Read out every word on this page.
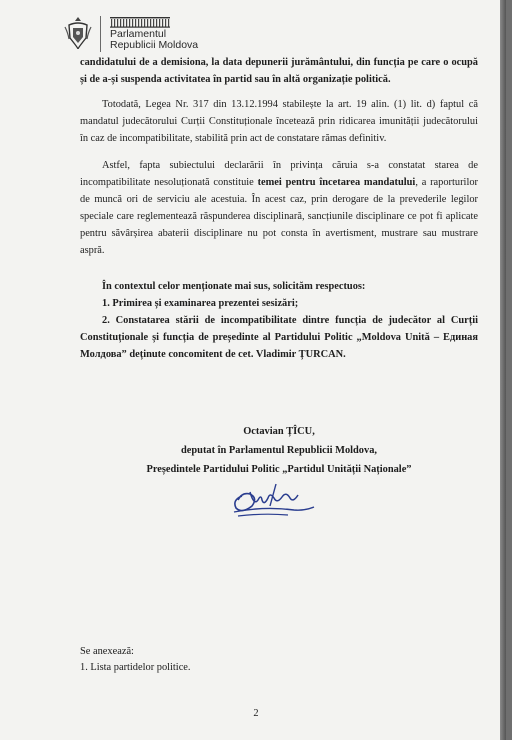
Parlamentul
Republicii Moldova
candidatului de a demisiona, la data depunerii jurământului, din funcția pe care o ocupă
și de a-și suspenda activitatea în partid sau în altă organizație politică.
Totodată, Legea Nr. 317 din 13.12.1994 stabilește la art. 19 alin. (1) lit. d) faptul că
mandatul judecătorului Curții Constituționale încetează prin ridicarea imunității judecătorului
în caz de incompatibilitate, stabilită prin act de constatare rămas definitiv.
Astfel, fapta subiectului declarării în privința căruia s-a constatat starea de
incompatibilitate nesoluționată constituie temei pentru încetarea mandatului, a raporturilor
de muncă ori de serviciu ale acestuia. În acest caz, prin derogare de la prevederile legilor
speciale care reglementează răspunderea disciplinară, sancțiunile disciplinare ce pot fi aplicate
pentru săvârșirea abaterii disciplinare nu pot consta în avertisment, mustrare sau mustrare
aspră.
În contextul celor menționate mai sus, solicităm respectuos:
1. Primirea și examinarea prezentei sesizări;
2. Constatarea stării de incompatibilitate dintre funcția de judecător al Curții
Constituționale și funcția de președinte al Partidului Politic „Moldova Unită – Единая
Молдова” deținute concomitent de cet. Vladimir ȚURCAN.
Octavian ȚÎCU,
deputat în Parlamentul Republicii Moldova,
Președintele Partidului Politic „Partidul Unității Naționale”
Se anexează:
1. Lista partidelor politice.
2
